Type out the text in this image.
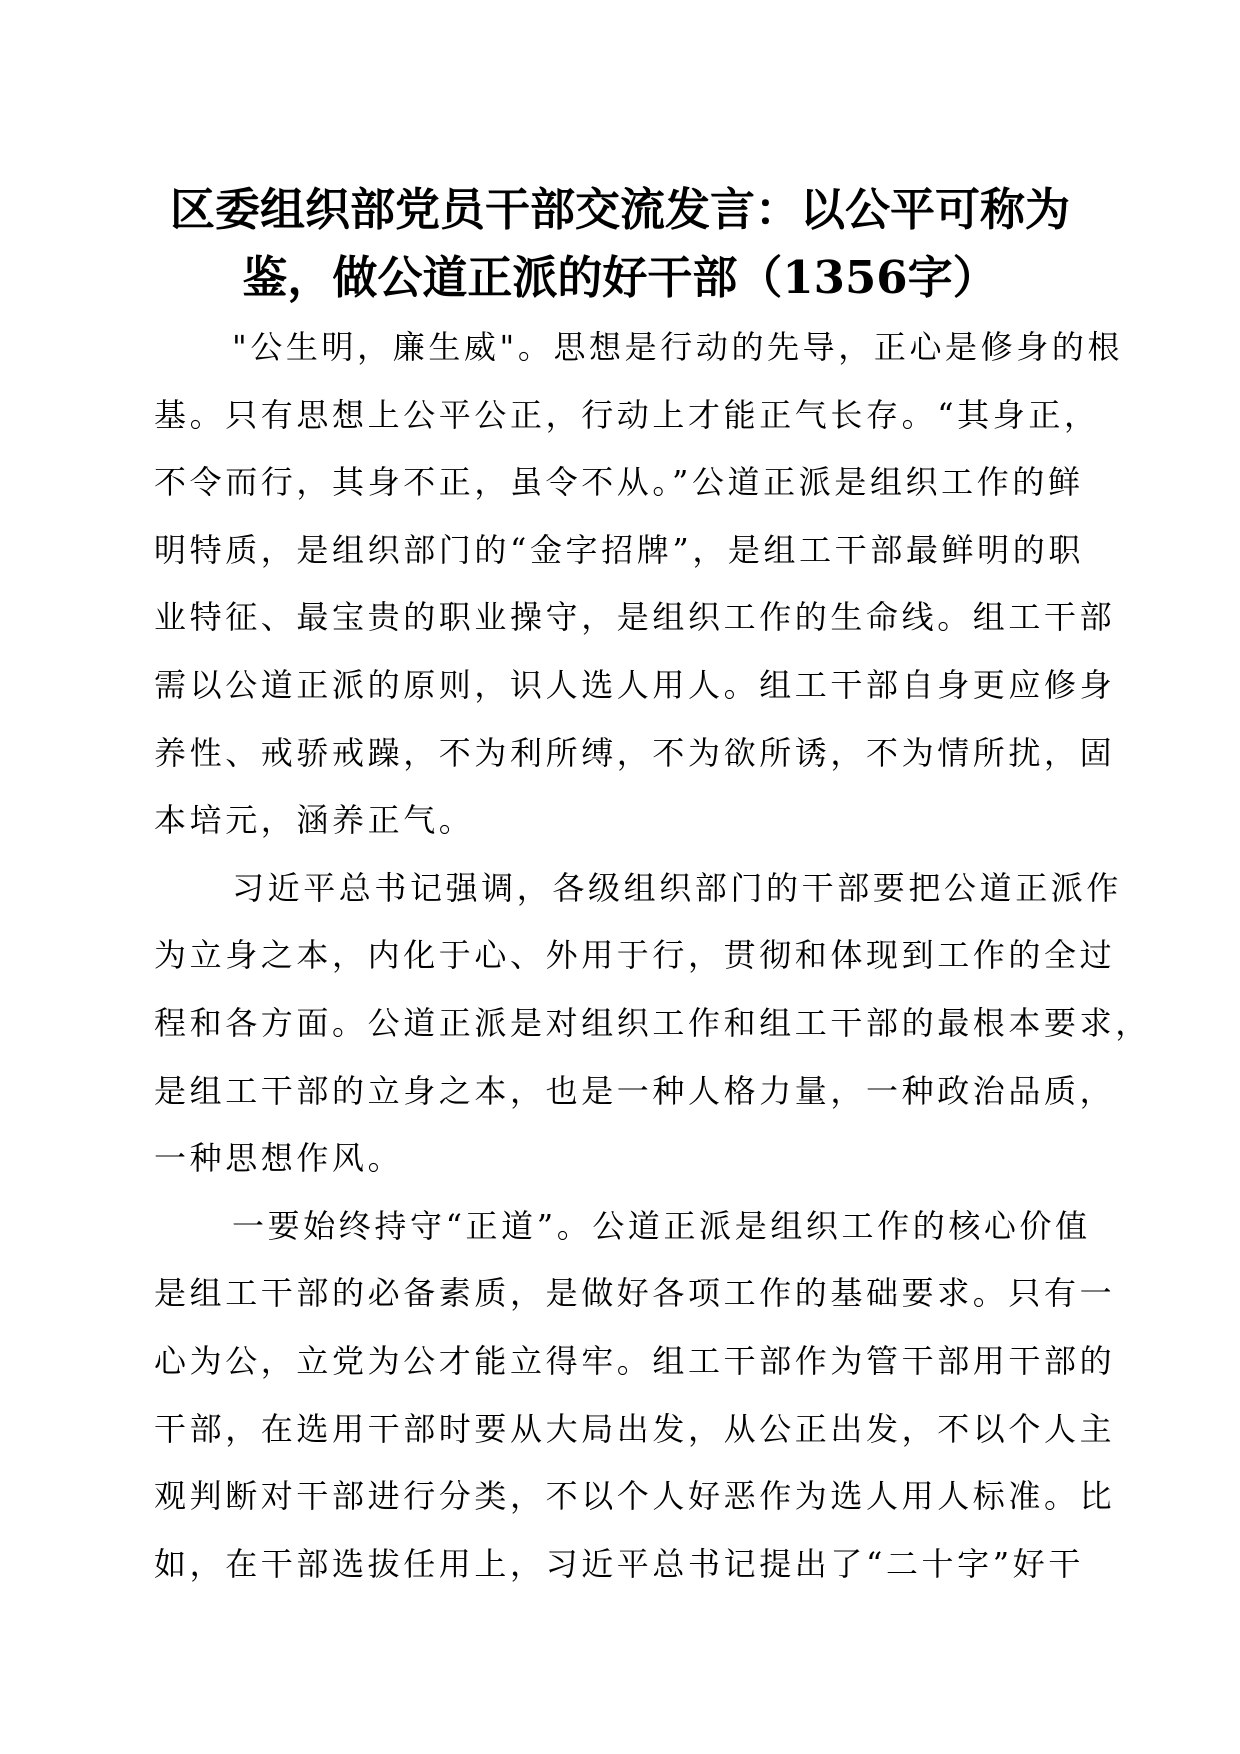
区委组织部党员干部交流发言：以公平可称为
鉴，做公道正派的好干部（1356字）
"公生明，廉生威"。思想是行动的先导，正心是修身的根
基。只有思想上公平公正，行动上才能正气长存。“其身正，
不令而行，其身不正，虽令不从。”公道正派是组织工作的鲜
明特质，是组织部门的“金字招牌”，是组工干部最鲜明的职
业特征、最宝贵的职业操守，是组织工作的生命线。组工干部
需以公道正派的原则，识人选人用人。组工干部自身更应修身
养性、戒骄戒躁，不为利所缚，不为欲所诱，不为情所扰，固
本培元，涵养正气。
习近平总书记强调，各级组织部门的干部要把公道正派作
为立身之本，内化于心、外用于行，贯彻和体现到工作的全过
程和各方面。公道正派是对组织工作和组工干部的最根本要求，
是组工干部的立身之本，也是一种人格力量，一种政治品质，
一种思想作风。
一要始终持守“正道”。公道正派是组织工作的核心价值
是组工干部的必备素质，是做好各项工作的基础要求。只有一
心为公，立党为公才能立得牢。组工干部作为管干部用干部的
干部，在选用干部时要从大局出发，从公正出发，不以个人主
观判断对干部进行分类，不以个人好恶作为选人用人标准。比
如，在干部选拔任用上，习近平总书记提出了“二十字”好干
